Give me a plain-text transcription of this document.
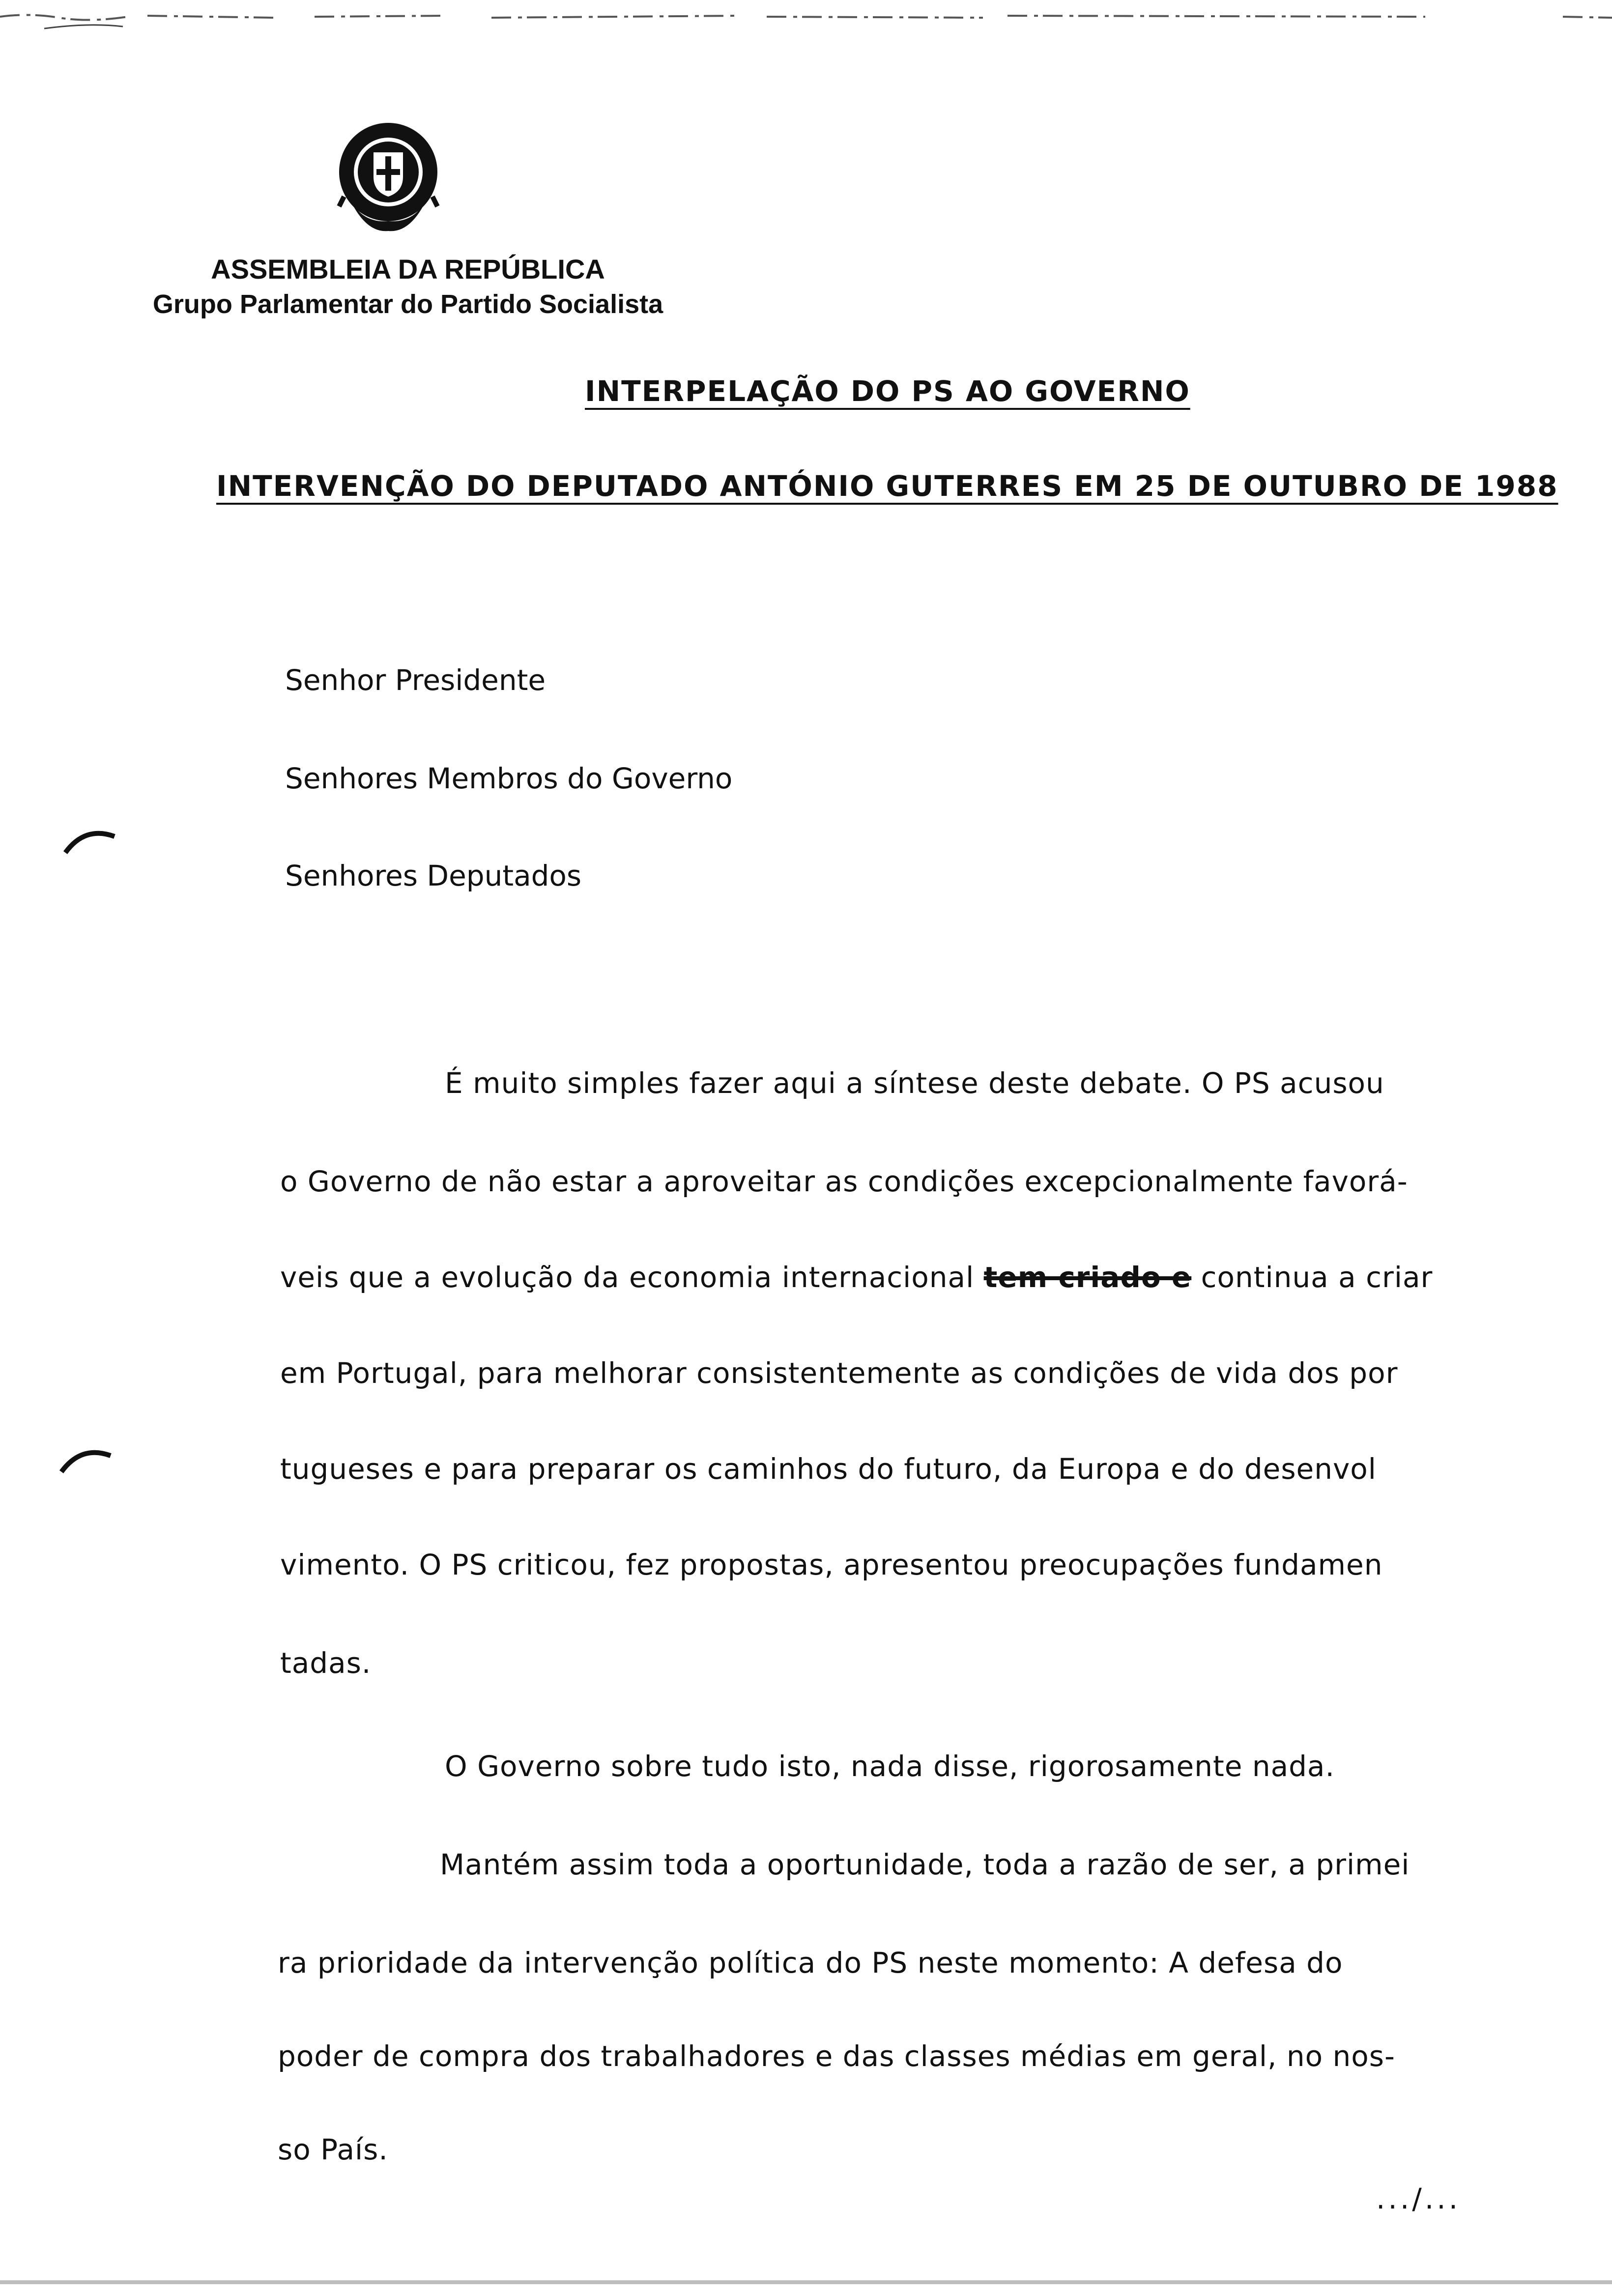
ASSEMBLEIA DA REPÚBLICA
Grupo Parlamentar do Partido Socialista
INTERPELAÇÃO DO PS AO GOVERNO
INTERVENÇÃO DO DEPUTADO ANTÓNIO GUTERRES EM 25 DE OUTUBRO DE 1988
Senhor Presidente
Senhores Membros do Governo
Senhores Deputados
É muito simples fazer aqui a síntese deste debate. O PS acusou
o Governo de não estar a aproveitar as condições excepcionalmente favorá-
veis que a evolução da economia internacional tem criado e continua a criar
em Portugal, para melhorar consistentemente as condições de vida dos por
tugueses e para preparar os caminhos do futuro, da Europa e do desenvol
vimento. O PS criticou, fez propostas, apresentou preocupações fundamen
tadas.
O Governo sobre tudo isto, nada disse, rigorosamente nada.
Mantém assim toda a oportunidade, toda a razão de ser, a primei
ra prioridade da intervenção política do PS neste momento: A defesa do
poder de compra dos trabalhadores e das classes médias em geral, no nos-
so País.
.../...
